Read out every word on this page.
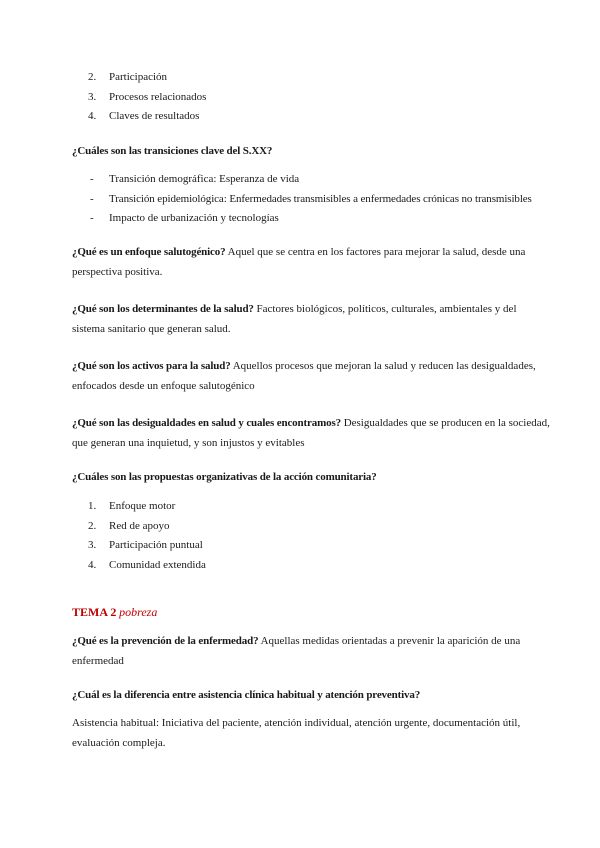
2.	Participación
3.	Procesos relacionados
4.	Claves de resultados
¿Cuáles son las transiciones clave del S.XX?
- Transición demográfica: Esperanza de vida
- Transición epidemiológica: Enfermedades transmisibles a enfermedades crónicas no transmisibles
- Impacto de urbanización y tecnologías
¿Qué es un enfoque salutogénico? Aquel que se centra en los factores para mejorar la salud, desde una perspectiva positiva.
¿Qué son los determinantes de la salud? Factores biológicos, políticos, culturales, ambientales y del sistema sanitario que generan salud.
¿Qué son los activos para la salud? Aquellos procesos que mejoran la salud y reducen las desigualdades, enfocados desde un enfoque salutogénico
¿Qué son las desigualdades en salud y cuales encontramos? Desigualdades que se producen en la sociedad, que generan una inquietud, y son injustos y evitables
¿Cuáles son las propuestas organizativas de la acción comunitaria?
1.	Enfoque motor
2.	Red de apoyo
3.	Participación puntual
4.	Comunidad extendida
TEMA 2 pobreza
¿Qué es la prevención de la enfermedad? Aquellas medidas orientadas a prevenir la aparición de una enfermedad
¿Cuál es la diferencia entre asistencia clínica habitual y atención preventiva?
Asistencia habitual: Iniciativa del paciente, atención individual, atención urgente, documentación útil, evaluación compleja.
